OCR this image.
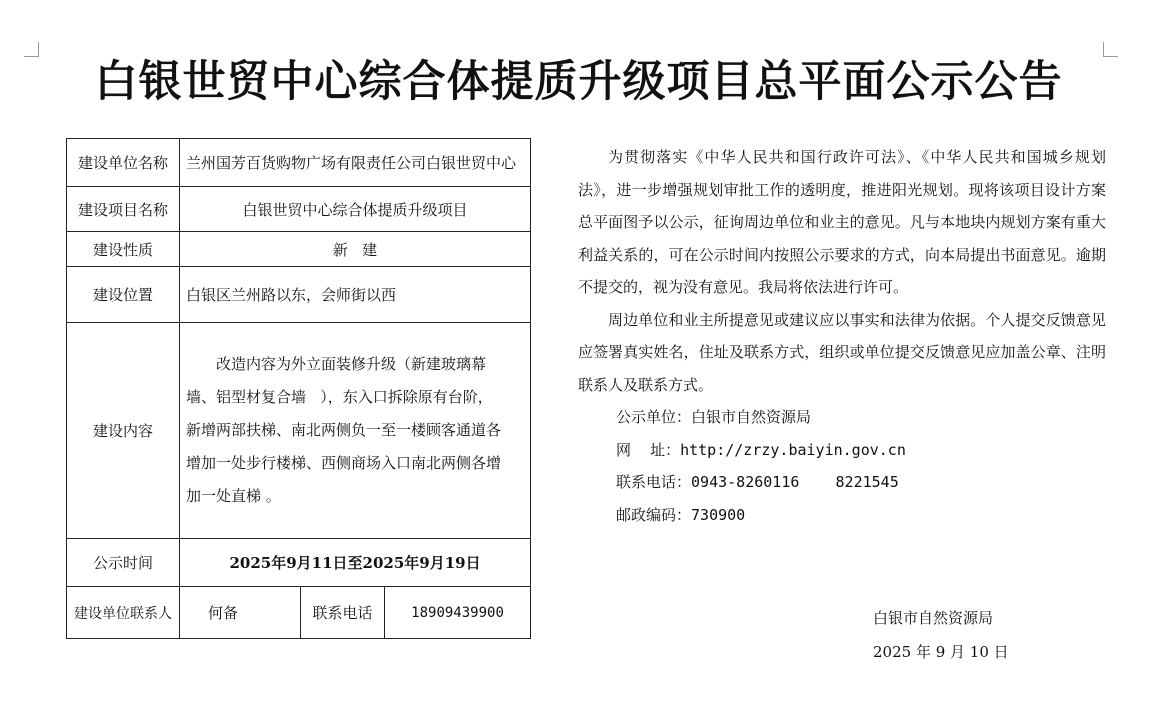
白银世贸中心综合体提质升级项目总平面公示公告
建设单位名称	兰州国芳百货购物广场有限责任公司白银世贸中心		
建设项目名称	白银世贸中心综合体提质升级项目		
建设性质	新   建		
建设位置	白银区兰州路以东，会师街以西		
建设内容	改造内容为外立面装修升级（新建玻璃幕
墙、铝型材复合墙   ），东入口拆除原有台阶，
新增两部扶梯、南北两侧负一至一楼顾客通道各
增加一处步行楼梯、西侧商场入口南北两侧各增
加一处直梯 。		

公示时间	2025年9月11日至2025年9月19日		
建设单位联系人	何备	联系电话	18909439900

为贯彻落实《中华人民共和国行政许可法》、《中华人民共和国城乡规划法》，进一步增强规划审批工作的透明度，推进阳光规划。现将该项目设计方案总平面图予以公示，征询周边单位和业主的意见。凡与本地块内规划方案有重大利益关系的，可在公示时间内按照公示要求的方式，向本局提出书面意见。逾期不提交的，视为没有意见。我局将依法进行许可。

周边单位和业主所提意见或建议应以事实和法律为依据。个人提交反馈意见应签署真实姓名，住址及联系方式，组织或单位提交反馈意见应加盖公章、注明联系人及联系方式。

公示单位：白银市自然资源局
网    址：http://zrzy.baiyin.gov.cn
联系电话：0943-8260116    8221545
邮政编码：730900
白银市自然资源局
2025 年 9 月 10 日
